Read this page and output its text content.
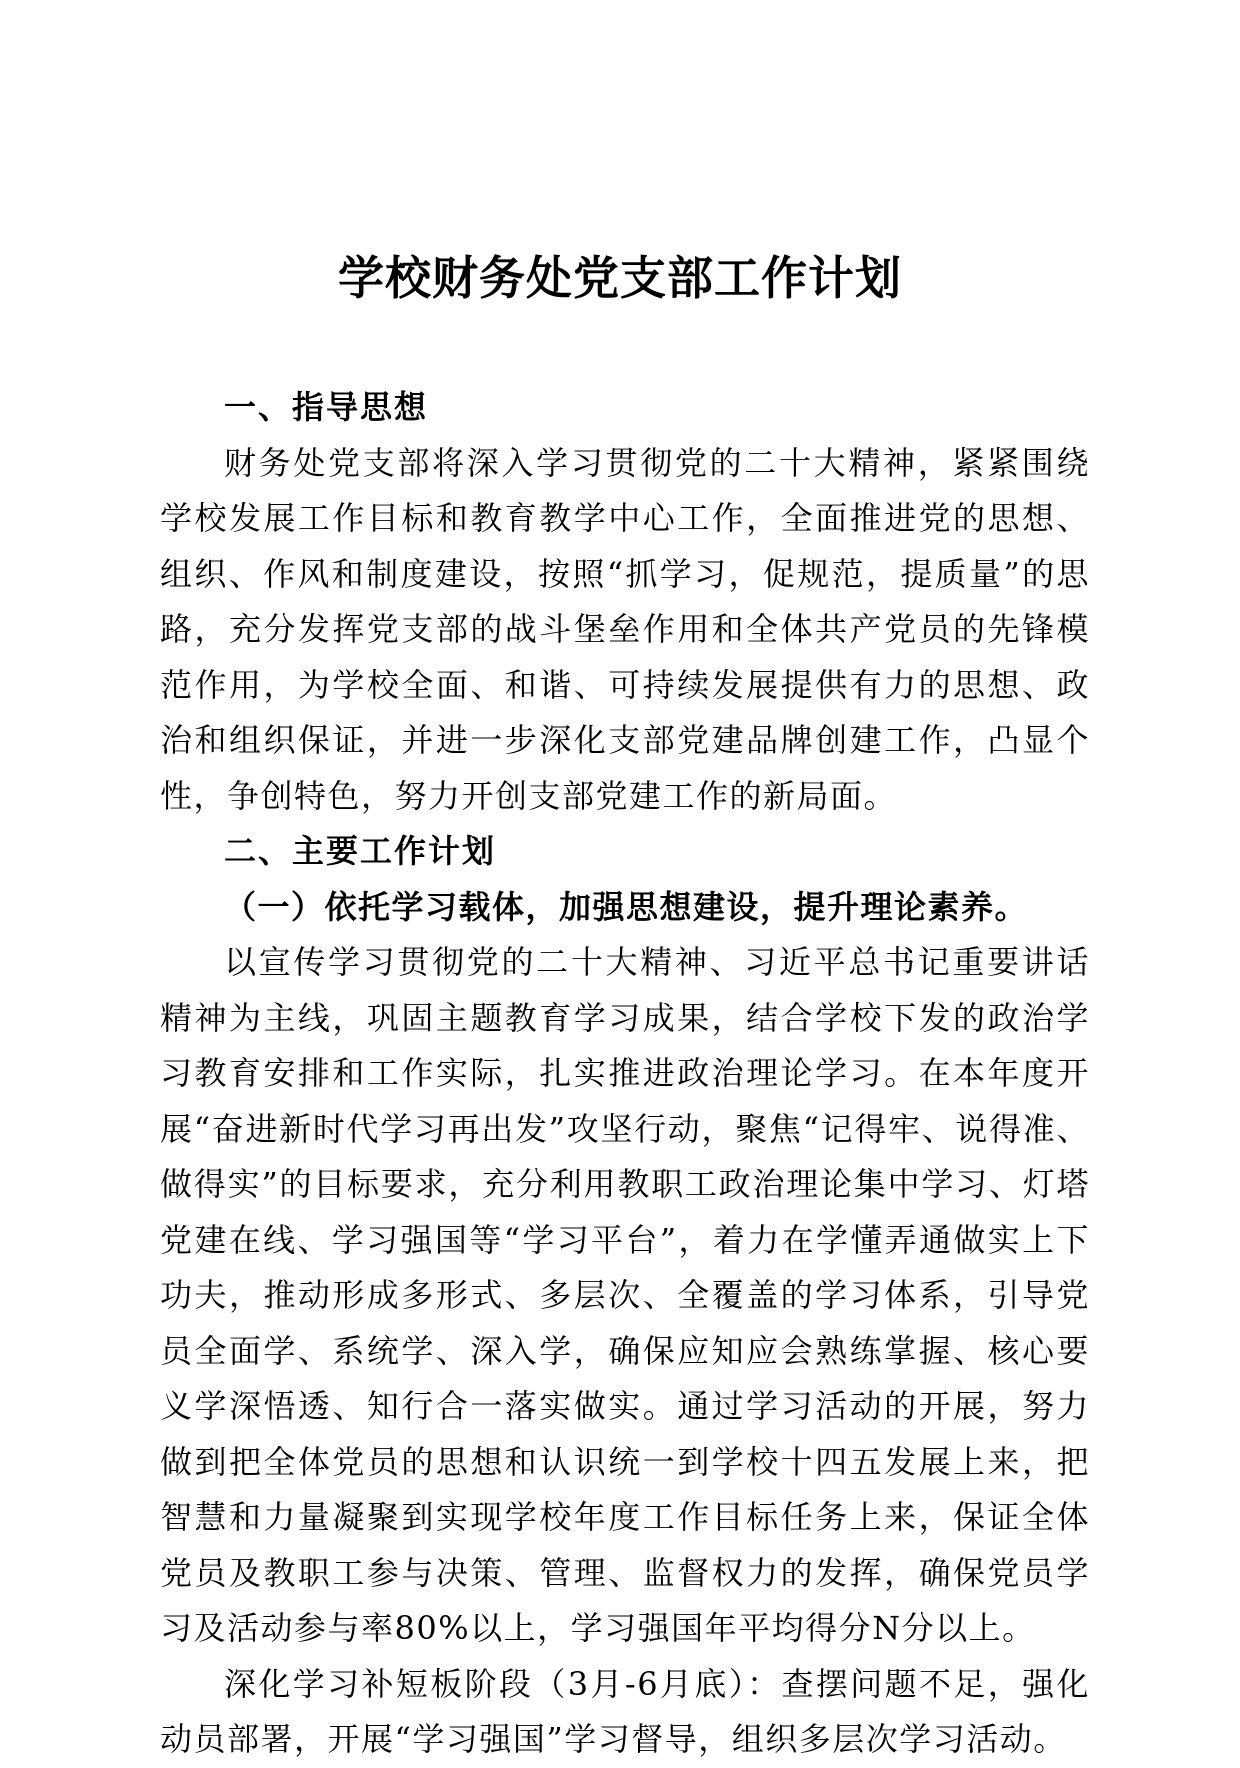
学校财务处党支部工作计划

一、指导思想

财务处党支部将深入学习贯彻党的二十大精神，紧紧围绕学校发展工作目标和教育教学中心工作，全面推进党的思想、组织、作风和制度建设，按照“抓学习，促规范，提质量”的思路，充分发挥党支部的战斗堡垒作用和全体共产党员的先锋模范作用，为学校全面、和谐、可持续发展提供有力的思想、政治和组织保证，并进一步深化支部党建品牌创建工作，凸显个性，争创特色，努力开创支部党建工作的新局面。

二、主要工作计划

（一）依托学习载体，加强思想建设，提升理论素养。

以宣传学习贯彻党的二十大精神、习近平总书记重要讲话精神为主线，巩固主题教育学习成果，结合学校下发的政治学习教育安排和工作实际，扎实推进政治理论学习。在本年度开展“奋进新时代学习再出发”攻坚行动，聚焦“记得牢、说得准、做得实”的目标要求，充分利用教职工政治理论集中学习、灯塔党建在线、学习强国等“学习平台”，着力在学懂弄通做实上下功夫，推动形成多形式、多层次、全覆盖的学习体系，引导党员全面学、系统学、深入学，确保应知应会熟练掌握、核心要义学深悟透、知行合一落实做实。通过学习活动的开展，努力做到把全体党员的思想和认识统一到学校十四五发展上来，把智慧和力量凝聚到实现学校年度工作目标任务上来，保证全体党员及教职工参与决策、管理、监督权力的发挥，确保党员学习及活动参与率80%以上，学习强国年平均得分N分以上。

深化学习补短板阶段（3月-6月底）：查摆问题不足，强化动员部署，开展“学习强国”学习督导，组织多层次学习活动。
